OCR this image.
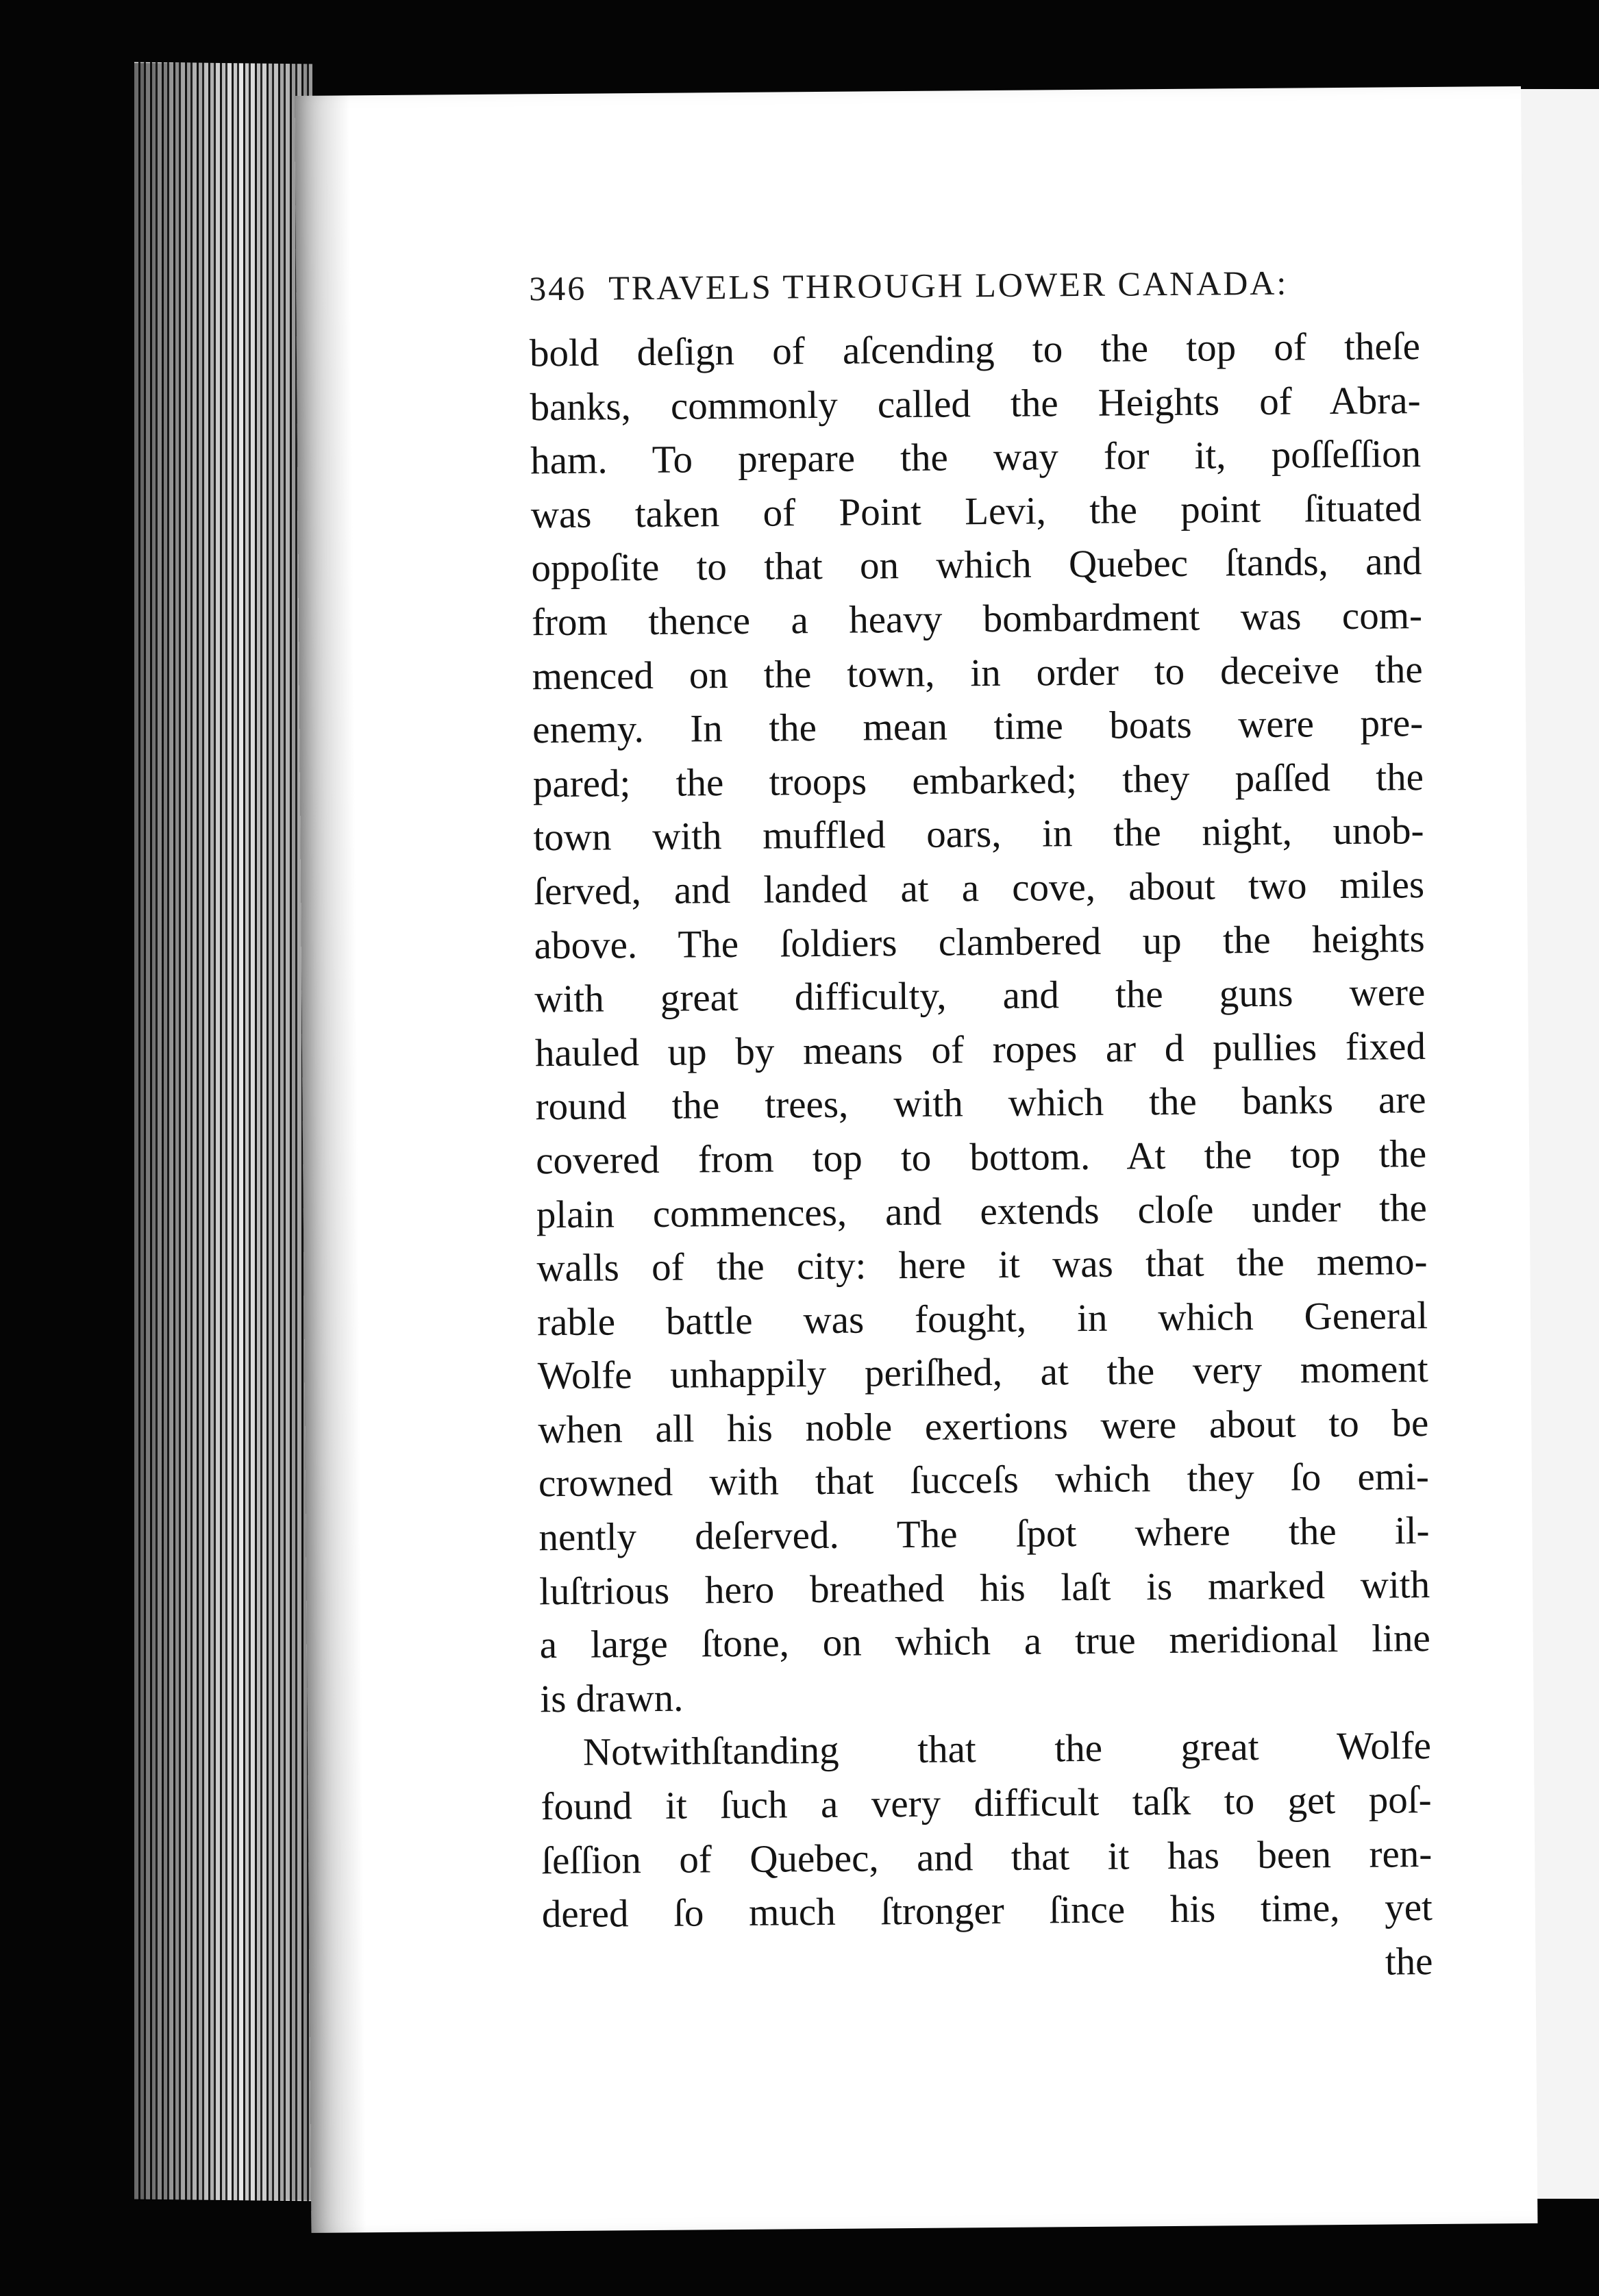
346 TRAVELS THROUGH LOWER CANADA:
bold deſign of aſcending to the top of theſe
banks, commonly called the Heights of Abra-
ham. To prepare the way for it, poſſeſſion
was taken of Point Levi, the point ſituated
oppoſite to that on which Quebec ſtands, and
from thence a heavy bombardment was com-
menced on the town, in order to deceive the
enemy. In the mean time boats were pre-
pared; the troops embarked; they paſſed the
town with muffled oars, in the night, unob-
ſerved, and landed at a cove, about two miles
above. The ſoldiers clambered up the heights
with great difficulty, and the guns were
hauled up by means of ropes ar d pullies fixed
round the trees, with which the banks are
covered from top to bottom. At the top the
plain commences, and extends cloſe under the
walls of the city: here it was that the memo-
rable battle was fought, in which General
Wolfe unhappily periſhed, at the very moment
when all his noble exertions were about to be
crowned with that ſucceſs which they ſo emi-
nently deſerved. The ſpot where the il-
luſtrious hero breathed his laſt is marked with
a large ſtone, on which a true meridional line
is drawn.
Notwithſtanding that the great Wolfe
found it ſuch a very difficult taſk to get poſ-
ſeſſion of Quebec, and that it has been ren-
dered ſo much ſtronger ſince his time, yet
the
